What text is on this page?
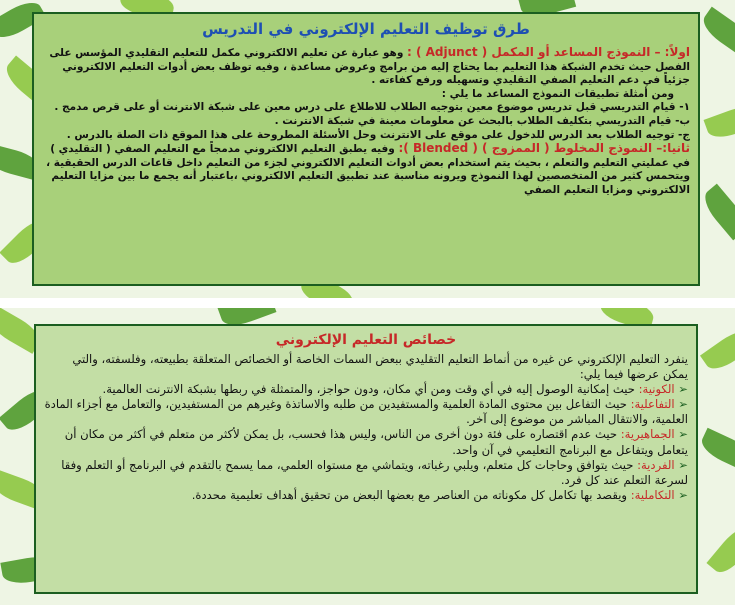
طرق توظيف التعليم الإلكتروني في التدريس

اولاً: – النموذج المساعد أو المكمل ( Adjunct ) : وهو عبارة عن تعليم الالكتروني مكمل للتعليم التقليدي المؤسس على الفصل حيث تخدم الشبكة هذا التعليم بما يحتاج إليه من برامج وعروض مساعدة ، وفيه توظف بعض أدوات التعليم الالكتروني جزئياً في دعم التعليم الصفي التقليدي وتسهيله ورفع كفاءته .

ومن أمثلة تطبيقات النموذج المساعد ما يلي :

١- قيام التدريسي قبل تدريس موضوع معين بتوجيه الطلاب للاطلاع على درس معين على شبكة الانترنت أو على قرص مدمج .

ب- قيام التدريسي بتكليف الطلاب بالبحث عن معلومات معينة في شبكة الانترنت .

ج- توجيه الطلاب بعد الدرس للدخول على موقع على الانترنت وحل الأسئلة المطروحة على هذا الموقع ذات الصلة بالدرس .

ثانيا:– النموذج المخلوط ( الممزوج ) ( Blended ): وفيه يطبق التعليم الالكتروني مدمجاً مع التعليم الصفي ( التقليدي ) في عمليتي التعليم والتعلم ، بحيث يتم استخدام بعض أدوات التعليم الالكتروني لجزء من التعليم داخل قاعات الدرس الحقيقية ، ويتحمس كثير من المتخصصين لهذا النموذج ويرونه مناسبة عند تطبيق التعليم الالكتروني ،باعتبار أنه يجمع ما بين مزايا التعليم الالكتروني ومزايا التعليم الصفي

خصائص التعليم الإلكتروني

ينفرد التعليم الإلكتروني عن غيره من أنماط التعليم التقليدي ببعض السمات الخاصة أو الخصائص المتعلقة بطبيعته، وفلسفته، والتي يمكن عرضها فيما يلي:

➢ الكونية: حيث إمكانية الوصول إليه في أي وقت ومن أي مكان، ودون حواجز، والمتمثلة في ربطها بشبكة الانترنت العالمية.

➢ التفاعلية: حيث التفاعل بين محتوى المادة العلمية والمستفيدين من طلبه والاساتذة وغيرهم من المستفيدين، والتعامل مع أجزاء المادة العلمية، والانتقال المباشر من موضوع إلى آخر.

➢ الجماهيرية: حيث عدم اقتصاره على فئة دون أخرى من الناس، وليس هذا فحسب، بل يمكن لأكثر من متعلم في أكثر من مكان أن يتعامل ويتفاعل مع البرنامج التعليمي في آن واحد.

➢ الفردية: حيث يتوافق وحاجات كل متعلم، ويلبي رغباته، ويتماشي مع مستواه العلمي، مما يسمح بالتقدم في البرنامج أو التعلم وفقا لسرعة التعلم عند كل فرد.

➢ التكاملية: ويقصد بها تكامل كل مكوناته من العناصر مع بعضها البعض من تحقيق أهداف تعليمية محددة.
